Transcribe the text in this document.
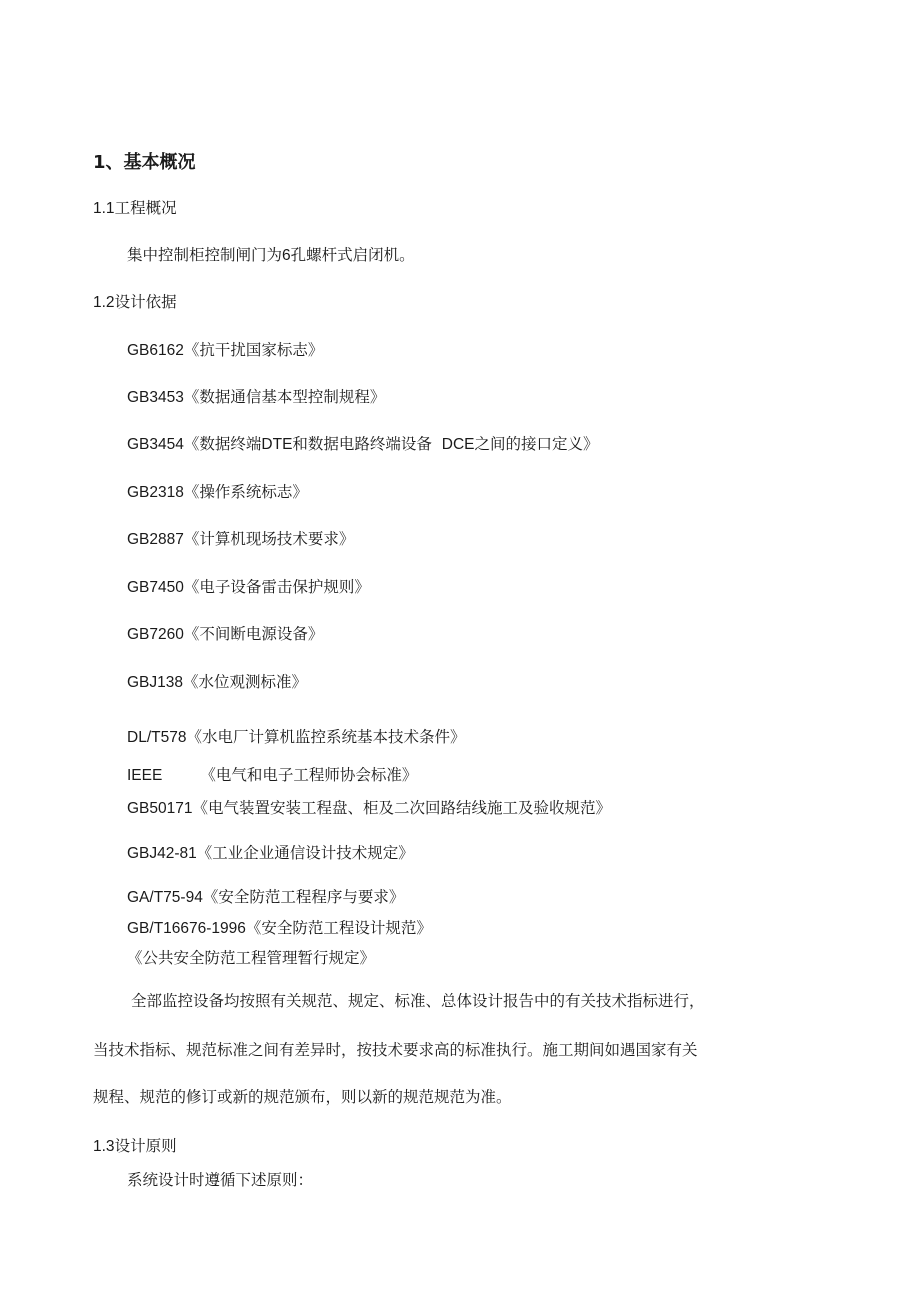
1、基本概况
1.1工程概况
集中控制柜控制闸门为6孔螺杆式启闭机。
1.2设计依据
GB6162《抗干扰国家标志》
GB3453《数据通信基本型控制规程》
GB3454《数据终端DTE和数据电路终端设备  DCE之间的接口定义》
GB2318《操作系统标志》
GB2887《计算机现场技术要求》
GB7450《电子设备雷击保护规则》
GB7260《不间断电源设备》
GBJ138《水位观测标准》
DL/T578《水电厂计算机监控系统基本技术条件》
IEEE 《电气和电子工程师协会标准》
GB50171《电气装置安装工程盘、柜及二次回路结线施工及验收规范》
GBJ42-81《工业企业通信设计技术规定》
GA/T75-94《安全防范工程程序与要求》
GB/T16676-1996《安全防范工程设计规范》
《公共安全防范工程管理暂行规定》
全部监控设备均按照有关规范、规定、标准、总体设计报告中的有关技术指标进行，
当技术指标、规范标准之间有差异时，按技术要求高的标准执行。施工期间如遇国家有关
规程、规范的修订或新的规范颁布，则以新的规范规范为准。
1.3设计原则
系统设计时遵循下述原则：
